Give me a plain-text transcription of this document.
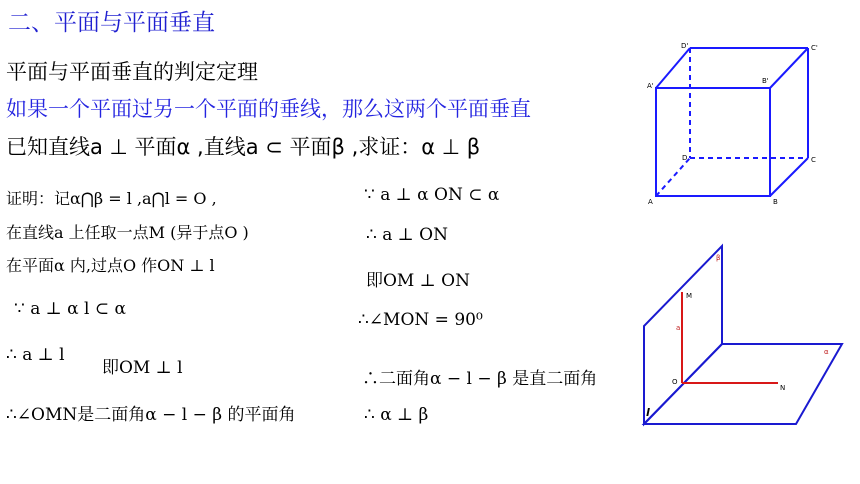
二、平面与平面垂直
平面与平面垂直的判定定理
如果一个平面过另一个平面的垂线，那么这两个平面垂直
已知直线a ⊥ 平面α ,直线a ⊂ 平面β ,求证：α ⊥ β
证明：记α⋂β = l ,a⋂l = O ,
在直线a 上任取一点M (异于点O )
在平面α 内,过点O 作ON ⊥ l
∵ a ⊥ α l ⊂ α
∴ a ⊥ l
即OM ⊥ l
∴∠OMN是二面角α − l − β 的平面角
∵ a ⊥ α ON ⊂ α
∴ a ⊥ ON
即OM ⊥ ON
∴∠MON = 90⁰
∴二面角α − l − β 是直二面角
∴ α ⊥ β
A	B
C
D
A'
B'
C'
D'
β
α
M
a
O
N
l
